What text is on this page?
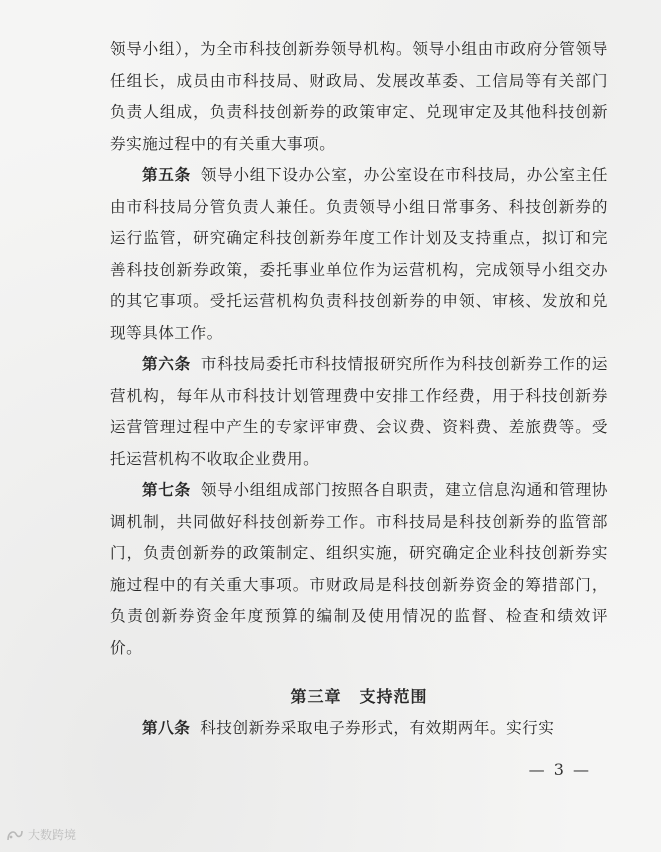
领导小组），为全市科技创新券领导机构。领导小组由市政府分管领导任组长，成员由市科技局、财政局、发展改革委、工信局等有关部门负责人组成，负责科技创新券的政策审定、兑现审定及其他科技创新券实施过程中的有关重大事项。

第五条 领导小组下设办公室，办公室设在市科技局，办公室主任由市科技局分管负责人兼任。负责领导小组日常事务、科技创新券的运行监管，研究确定科技创新券年度工作计划及支持重点，拟订和完善科技创新券政策，委托事业单位作为运营机构，完成领导小组交办的其它事项。受托运营机构负责科技创新券的申领、审核、发放和兑现等具体工作。

第六条 市科技局委托市科技情报研究所作为科技创新券工作的运营机构，每年从市科技计划管理费中安排工作经费，用于科技创新券运营管理过程中产生的专家评审费、会议费、资料费、差旅费等。受托运营机构不收取企业费用。

第七条 领导小组组成部门按照各自职责，建立信息沟通和管理协调机制，共同做好科技创新券工作。市科技局是科技创新券的监管部门，负责创新券的政策制定、组织实施，研究确定企业科技创新券实施过程中的有关重大事项。市财政局是科技创新券资金的筹措部门，负责创新券资金年度预算的编制及使用情况的监督、检查和绩效评价。

第三章 支持范围

第八条 科技创新券采取电子券形式，有效期两年。实行实

— 3 —
大数跨境
